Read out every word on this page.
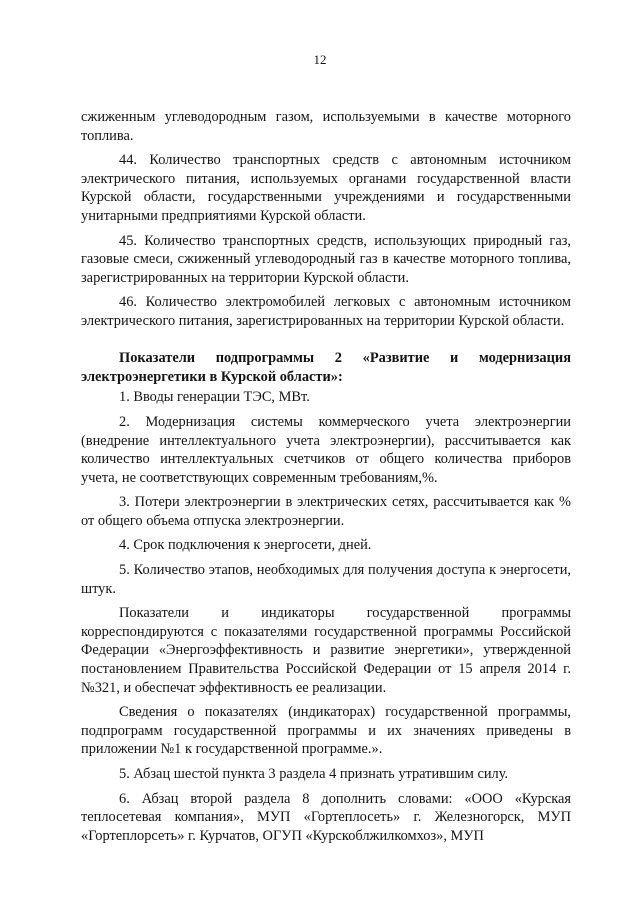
12

сжиженным углеводородным газом, используемыми в качестве моторного топлива.

44. Количество транспортных средств с автономным источником электрического питания, используемых органами государственной власти Курской области, государственными учреждениями и государственными унитарными предприятиями Курской области.

45. Количество транспортных средств, использующих природный газ, газовые смеси, сжиженный углеводородный газ в качестве моторного топлива, зарегистрированных на территории Курской области.

46. Количество электромобилей легковых с автономным источником электрического питания, зарегистрированных на территории Курской области.

Показатели подпрограммы 2 «Развитие и модернизация электроэнергетики в Курской области»:

1. Вводы генерации ТЭС, МВт.

2. Модернизация системы коммерческого учета электроэнергии (внедрение интеллектуального учета электроэнергии), рассчитывается как количество интеллектуальных счетчиков от общего количества приборов учета, не соответствующих современным требованиям,%.

3. Потери электроэнергии в электрических сетях, рассчитывается как % от общего объема отпуска электроэнергии.

4. Срок подключения к энергосети, дней.

5. Количество этапов, необходимых для получения доступа к энергосети, штук.

Показатели и индикаторы государственной программы корреспондируются с показателями государственной программы Российской Федерации «Энергоэффективность и развитие энергетики», утвержденной постановлением Правительства Российской Федерации от 15 апреля 2014 г. №321, и обеспечат эффективность ее реализации.

Сведения о показателях (индикаторах) государственной программы, подпрограмм государственной программы и их значениях приведены в приложении №1 к государственной программе.».

5. Абзац шестой пункта 3 раздела 4 признать утратившим силу.

6. Абзац второй раздела 8 дополнить словами: «ООО «Курская теплосетевая компания», МУП «Гортеплосеть» г. Железногорск, МУП «Гортеплорсеть» г. Курчатов, ОГУП «Курскоблжилкомхоз», МУП
